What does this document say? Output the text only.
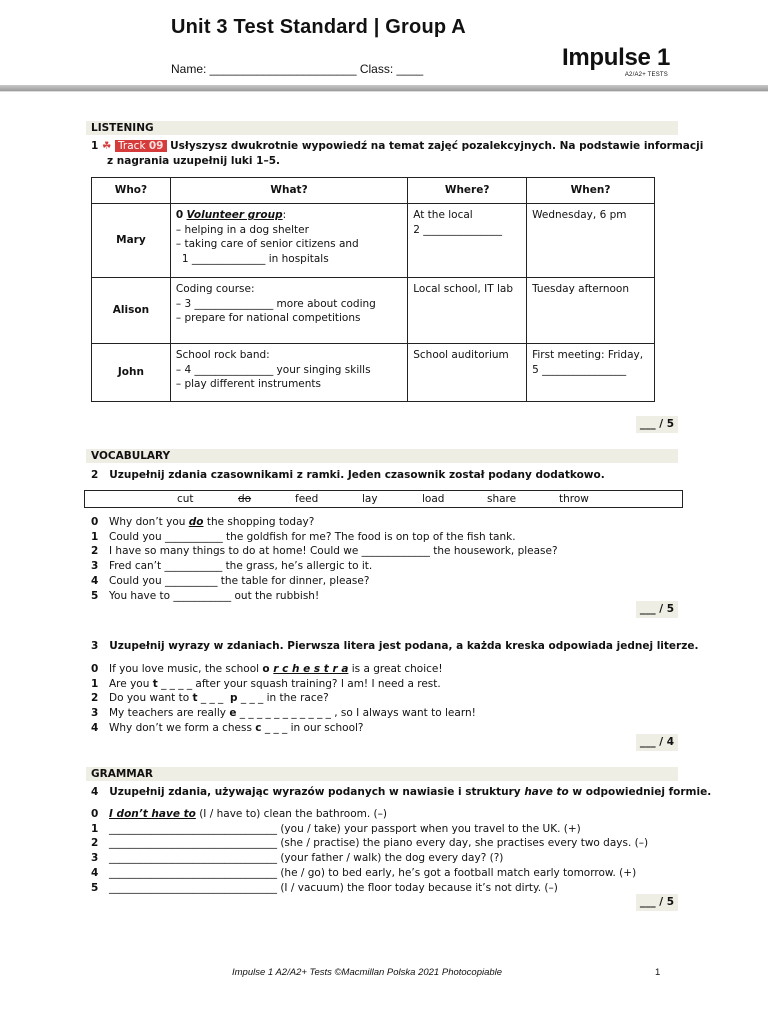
Unit 3 Test Standard | Group A
Name: ______________________ Class: ____	Impulse 1
A2/A2+ TESTS
LISTENING
1 ☘ Track 09 Usłyszysz dwukrotnie wypowiedź na temat zajęć pozalekcyjnych. Na podstawie informacji
z nagrania uzupełnij luki 1–5.
Who?	What?	Where?	When?
Mary	0 Volunteer group:
– helping in a dog shelter
– taking care of senior citizens and
1 ______________ in hospitals	At the local
2 _______________	Wednesday, 6 pm
Alison	Coding course:
– 3 _______________ more about coding
– prepare for national competitions	Local school, IT lab	Tuesday afternoon
John	School rock band:
– 4 _______________ your singing skills
– play different instruments	School auditorium	First meeting: Friday,
5 ________________
___ / 5
VOCABULARY
2 Uzupełnij zdania czasownikami z ramki. Jeden czasownik został podany dodatkowo.
cut	do	feed	lay	load	share	throw
0 Why don’t you do the shopping today?
1 Could you ___________ the goldfish for me? The food is on top of the fish tank.
2 I have so many things to do at home! Could we _____________ the housework, please?
3 Fred can’t ___________ the grass, he’s allergic to it.
4 Could you __________ the table for dinner, please?
5 You have to ___________ out the rubbish!
___ / 5
3 Uzupełnij wyrazy w zdaniach. Pierwsza litera jest podana, a każda kreska odpowiada jednej literze.
0 If you love music, the school o r c h e s t r a is a great choice!
1 Are you t _ _ _ _ after your squash training? I am! I need a rest.
2 Do you want to t _ _ _  p _ _ _ in the race?
3 My teachers are really e _ _ _ _ _ _ _ _ _ _ _ , so I always want to learn!
4 Why don’t we form a chess c _ _ _ in our school?
___ / 4
GRAMMAR
4 Uzupełnij zdania, używając wyrazów podanych w nawiasie i struktury have to w odpowiedniej formie.
0 I don’t have to (I / have to) clean the bathroom. (–)
1 ________________________________ (you / take) your passport when you travel to the UK. (+)
2 ________________________________ (she / practise) the piano every day, she practises every two days. (–)
3 ________________________________ (your father / walk) the dog every day? (?)
4 ________________________________ (he / go) to bed early, he’s got a football match early tomorrow. (+)
5 ________________________________ (I / vacuum) the floor today because it’s not dirty. (–)
___ / 5
Impulse 1 A2/A2+ Tests ©Macmillan Polska 2021 Photocopiable	1
